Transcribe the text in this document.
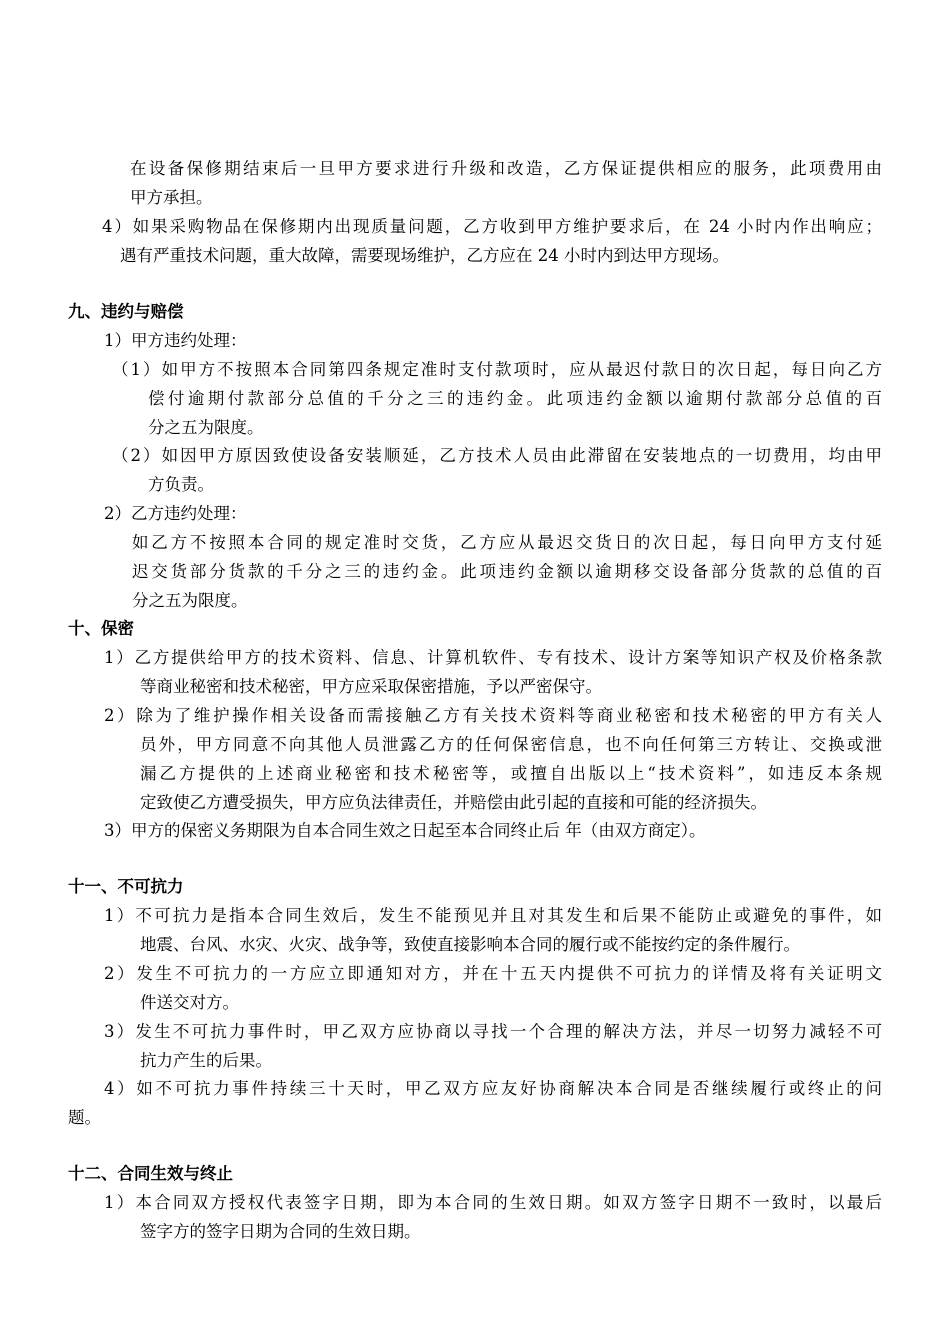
在设备保修期结束后一旦甲方要求进行升级和改造，乙方保证提供相应的服务，此项费用由
甲方承担。
4）如果采购物品在保修期内出现质量问题，乙方收到甲方维护要求后，在 24 小时内作出响应；
遇有严重技术问题，重大故障，需要现场维护，乙方应在 24 小时内到达甲方现场。
九、违约与赔偿
1）甲方违约处理：
（1）如甲方不按照本合同第四条规定准时支付款项时，应从最迟付款日的次日起，每日向乙方
偿付逾期付款部分总值的千分之三的违约金。此项违约金额以逾期付款部分总值的百
分之五为限度。
（2）如因甲方原因致使设备安装顺延，乙方技术人员由此滞留在安装地点的一切费用，均由甲
方负责。
2）乙方违约处理：
如乙方不按照本合同的规定准时交货，乙方应从最迟交货日的次日起，每日向甲方支付延
迟交货部分货款的千分之三的违约金。此项违约金额以逾期移交设备部分货款的总值的百
分之五为限度。
十、保密
1）乙方提供给甲方的技术资料、信息、计算机软件、专有技术、设计方案等知识产权及价格条款
等商业秘密和技术秘密，甲方应采取保密措施，予以严密保守。
2）除为了维护操作相关设备而需接触乙方有关技术资料等商业秘密和技术秘密的甲方有关人
员外，甲方同意不向其他人员泄露乙方的任何保密信息，也不向任何第三方转让、交换或泄
漏乙方提供的上述商业秘密和技术秘密等，或擅自出版以上“技术资料”，如违反本条规
定致使乙方遭受损失，甲方应负法律责任，并赔偿由此引起的直接和可能的经济损失。
3）甲方的保密义务期限为自本合同生效之日起至本合同终止后 年（由双方商定）。
十一、不可抗力
1）不可抗力是指本合同生效后，发生不能预见并且对其发生和后果不能防止或避免的事件，如
地震、台风、水灾、火灾、战争等，致使直接影响本合同的履行或不能按约定的条件履行。
2）发生不可抗力的一方应立即通知对方，并在十五天内提供不可抗力的详情及将有关证明文
件送交对方。
3）发生不可抗力事件时，甲乙双方应协商以寻找一个合理的解决方法，并尽一切努力减轻不可
抗力产生的后果。
4）如不可抗力事件持续三十天时，甲乙双方应友好协商解决本合同是否继续履行或终止的问
题。
十二、合同生效与终止
1）本合同双方授权代表签字日期，即为本合同的生效日期。如双方签字日期不一致时，以最后
签字方的签字日期为合同的生效日期。
